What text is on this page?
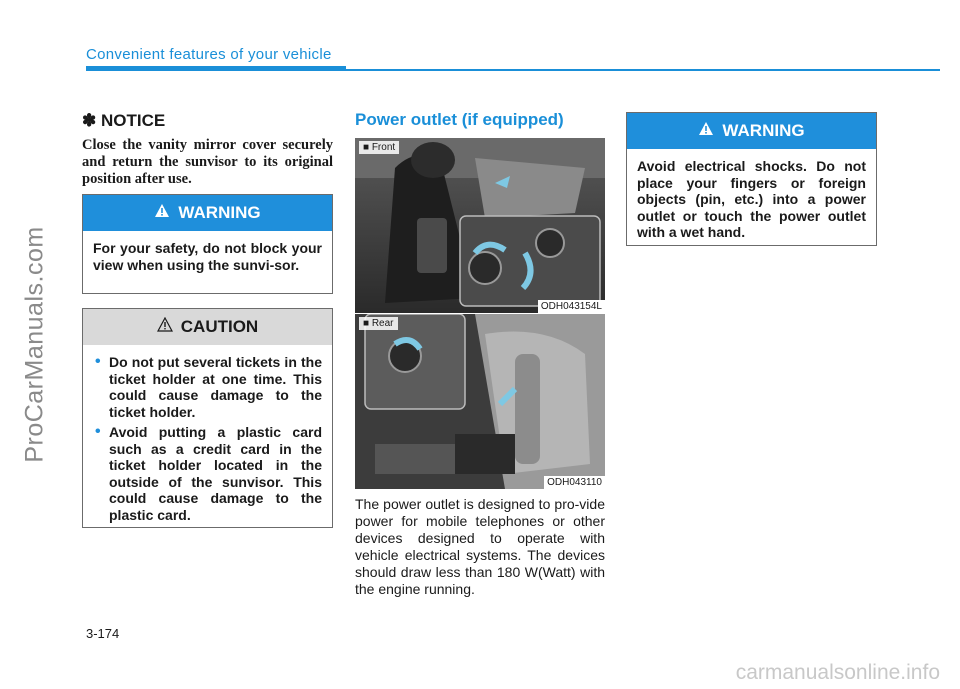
ProCarManuals.com
Convenient features of your vehicle
✽ NOTICE
Close the vanity mirror cover securely and return the sunvisor to its original position after use.
WARNING
For your safety, do not block your view when using the sunvi-sor.
CAUTION
• Do not put several tickets in the ticket holder at one time. This could cause damage to the ticket holder.
• Avoid putting a plastic card such as a credit card in the ticket holder located in the outside of the sunvisor. This could cause damage to the plastic card.
Power outlet (if equipped)
■ Front
ODH043154L
■ Rear
ODH043110
The power outlet is designed to pro-vide power for mobile telephones or other devices designed to operate with vehicle electrical systems. The devices should draw less than 180 W(Watt) with the engine running.
WARNING
Avoid electrical shocks. Do not place your fingers or foreign objects (pin, etc.) into a power outlet or touch the power outlet with a wet hand.
3-174
carmanualsonline.info
